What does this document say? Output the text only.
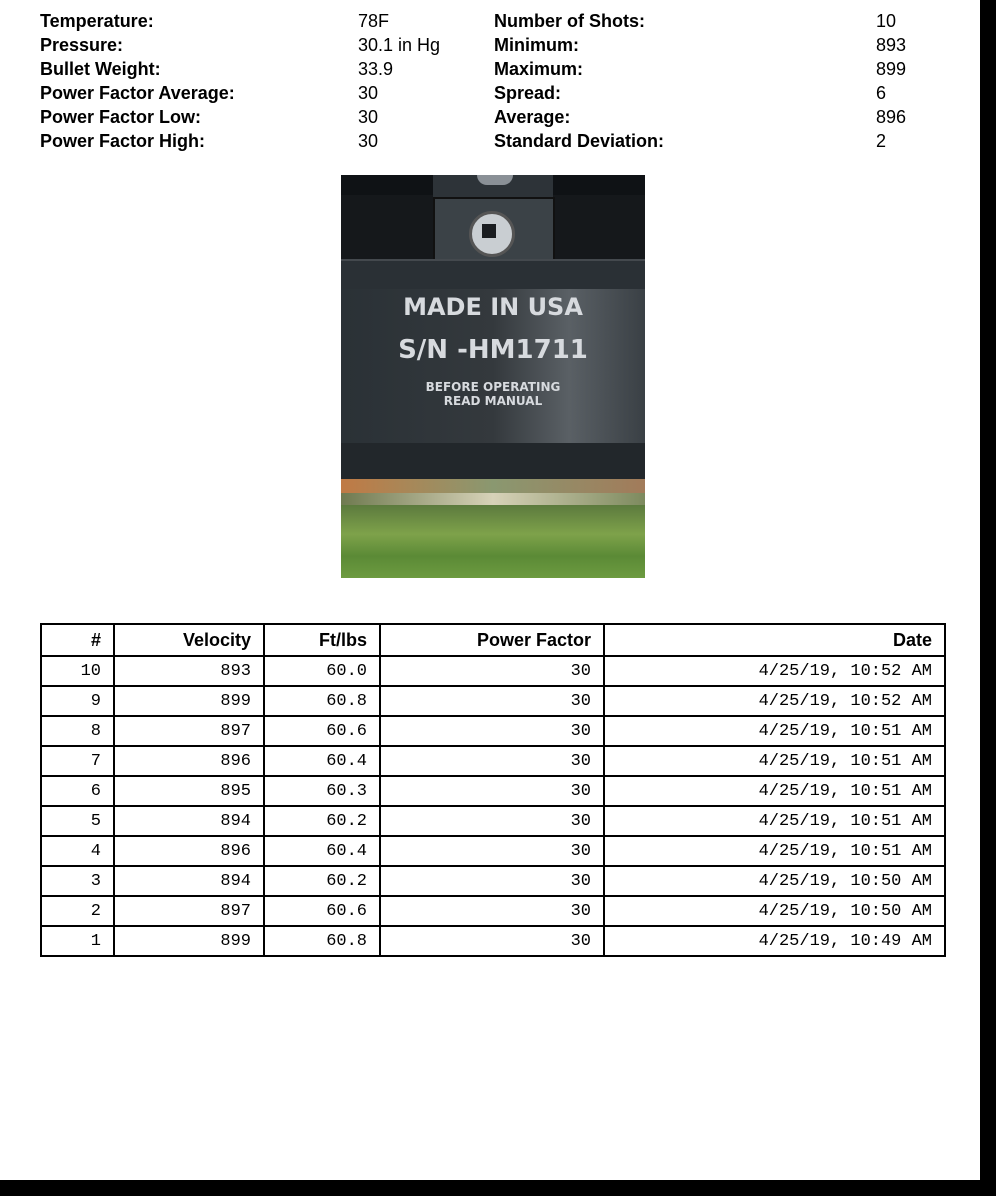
Temperature:	78F
Pressure:	30.1 in Hg
Bullet Weight:	33.9
Power Factor Average:	30
Power Factor Low:	30
Power Factor High:	30
Number of Shots:	10
Minimum:	893
Maximum:	899
Spread:	6
Average:	896
Standard Deviation:	2
MADE IN USA
S/N -HM1711
BEFORE OPERATING
READ MANUAL
#	Velocity	Ft/lbs	Power Factor	Date
10	893	60.0	30	4/25/19, 10:52 AM
9	899	60.8	30	4/25/19, 10:52 AM
8	897	60.6	30	4/25/19, 10:51 AM
7	896	60.4	30	4/25/19, 10:51 AM
6	895	60.3	30	4/25/19, 10:51 AM
5	894	60.2	30	4/25/19, 10:51 AM
4	896	60.4	30	4/25/19, 10:51 AM
3	894	60.2	30	4/25/19, 10:50 AM
2	897	60.6	30	4/25/19, 10:50 AM
1	899	60.8	30	4/25/19, 10:49 AM
